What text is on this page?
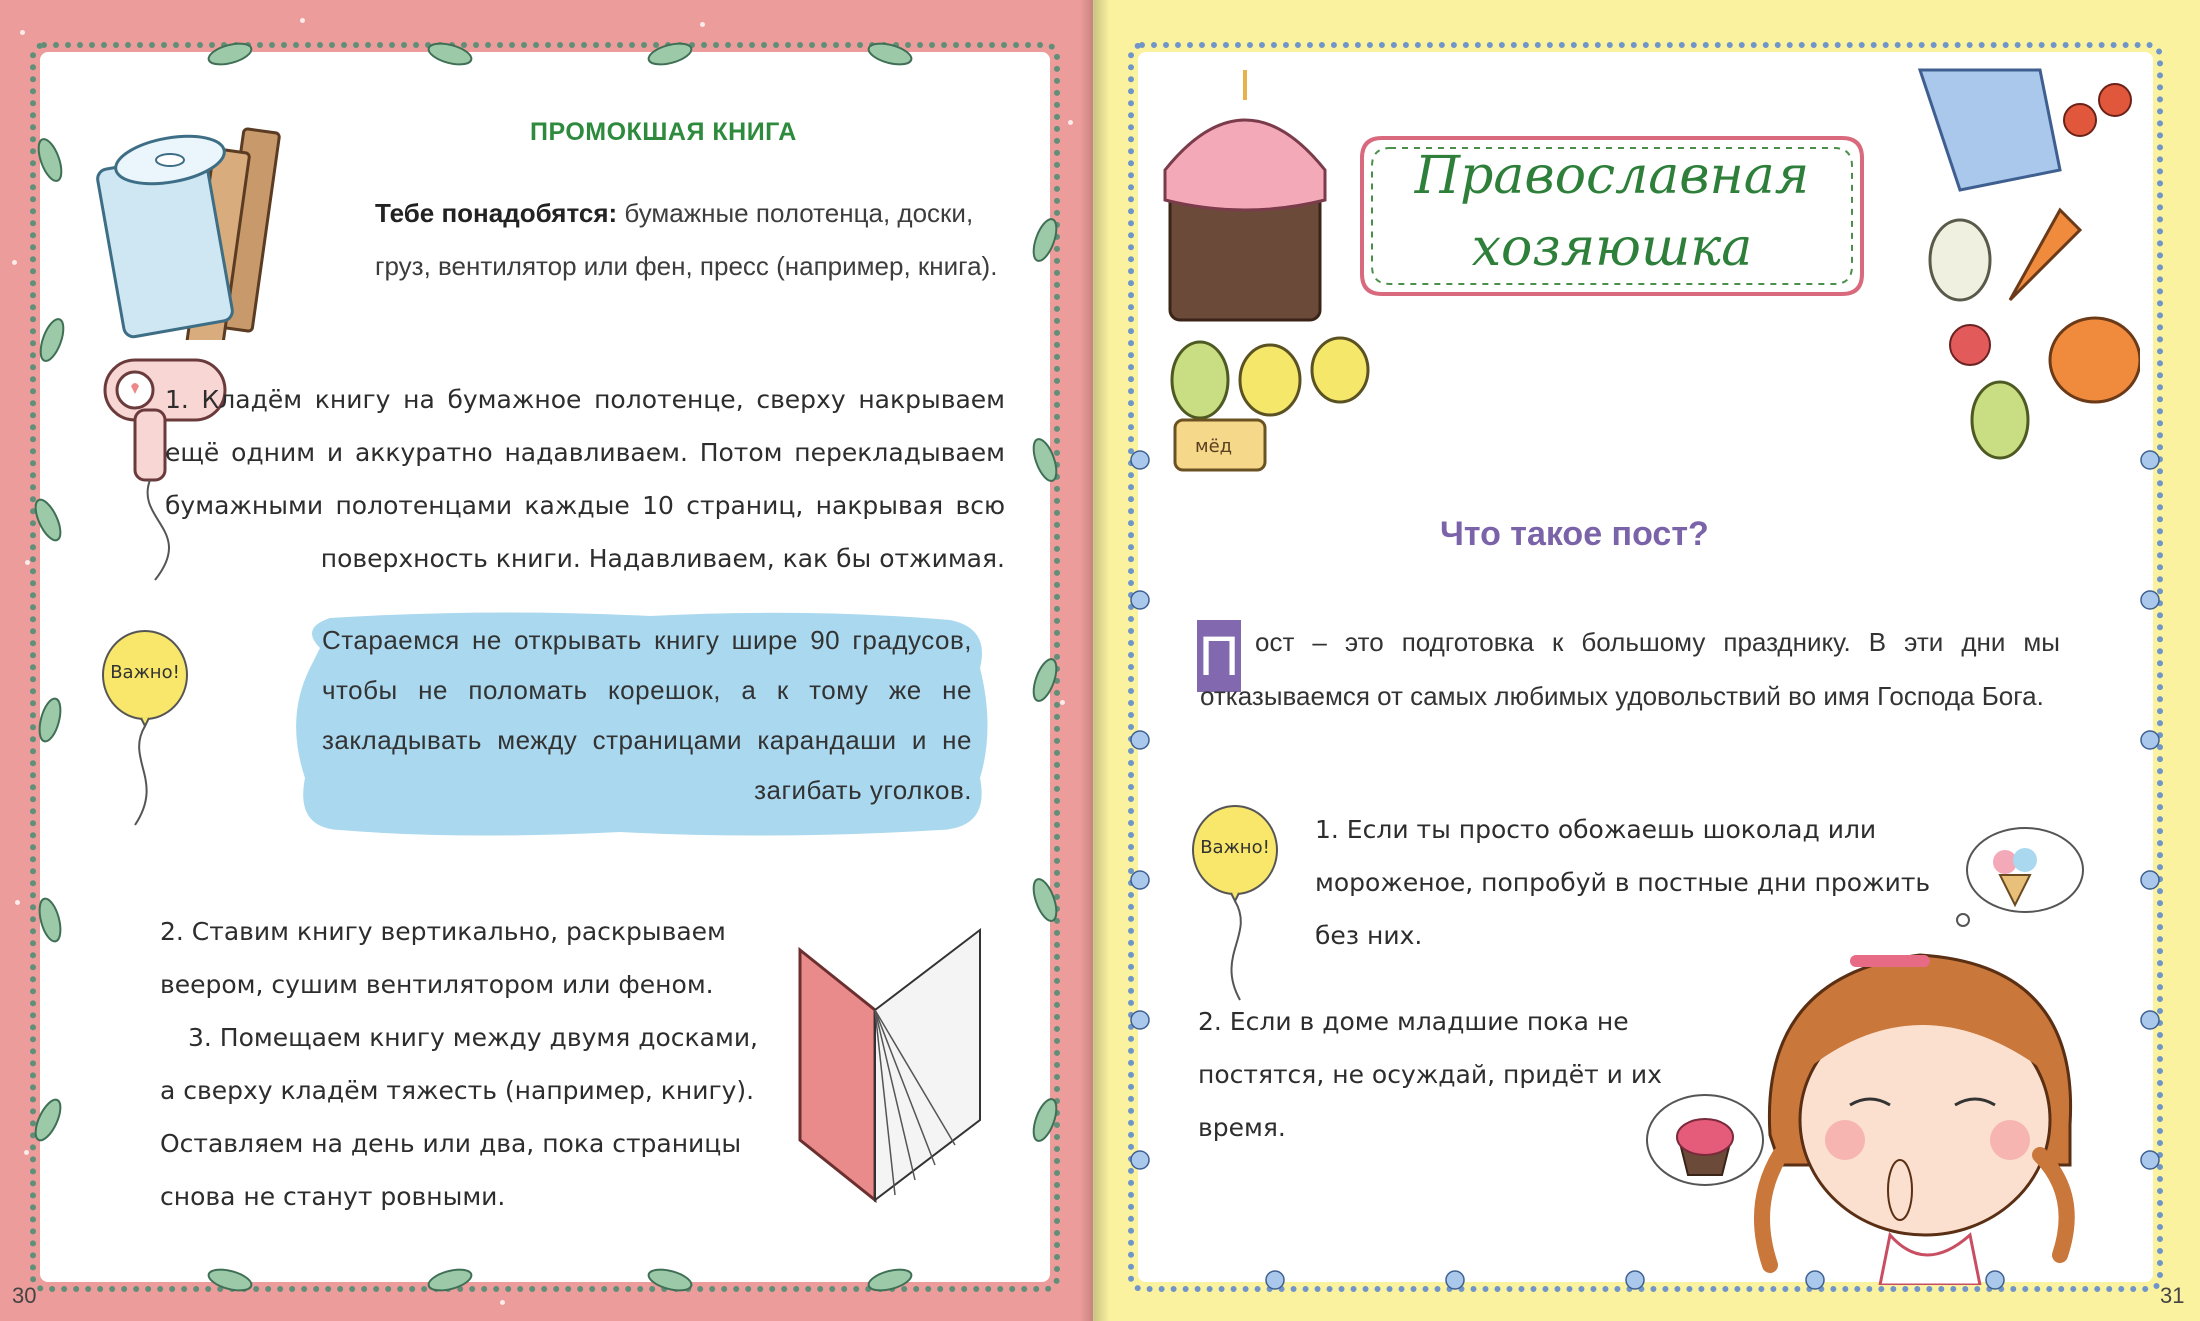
ПРОМОКШАЯ КНИГА
Тебе понадобятся: бумажные полотенца, доски, груз, вентилятор или фен, пресс (например, книга).
1. Кладём книгу на бумажное полотенце, сверху накрываем ещё одним и аккуратно надавливаем. Потом перекладываем бумажными полотенцами каждые 10 страниц, накрывая всю поверхность книги. Надавливаем, как бы отжимая.
Стараемся не открывать книгу шире 90 градусов, чтобы не поломать корешок, а к тому же не закладывать между страницами карандаши и не загибать уголков.
Важно!
2. Ставим книгу вертикально, раскрываем веером, сушим вентилятором или феном.
3. Помещаем книгу между двумя досками, а сверху кладём тяжесть (например, книгу). Оставляем на день или два, пока страницы снова не станут ровными.
30
мёд
Православная
хозяюшка
Что такое пост?
П ост – это подготовка к большому празднику. В эти дни мы отказываемся от самых любимых удовольствий во имя Господа Бога.
Важно!
1. Если ты просто обожаешь шоколад или мороженое, попробуй в постные дни прожить без них.
2. Если в доме младшие пока не постятся, не осуждай, придёт и их время.
31
